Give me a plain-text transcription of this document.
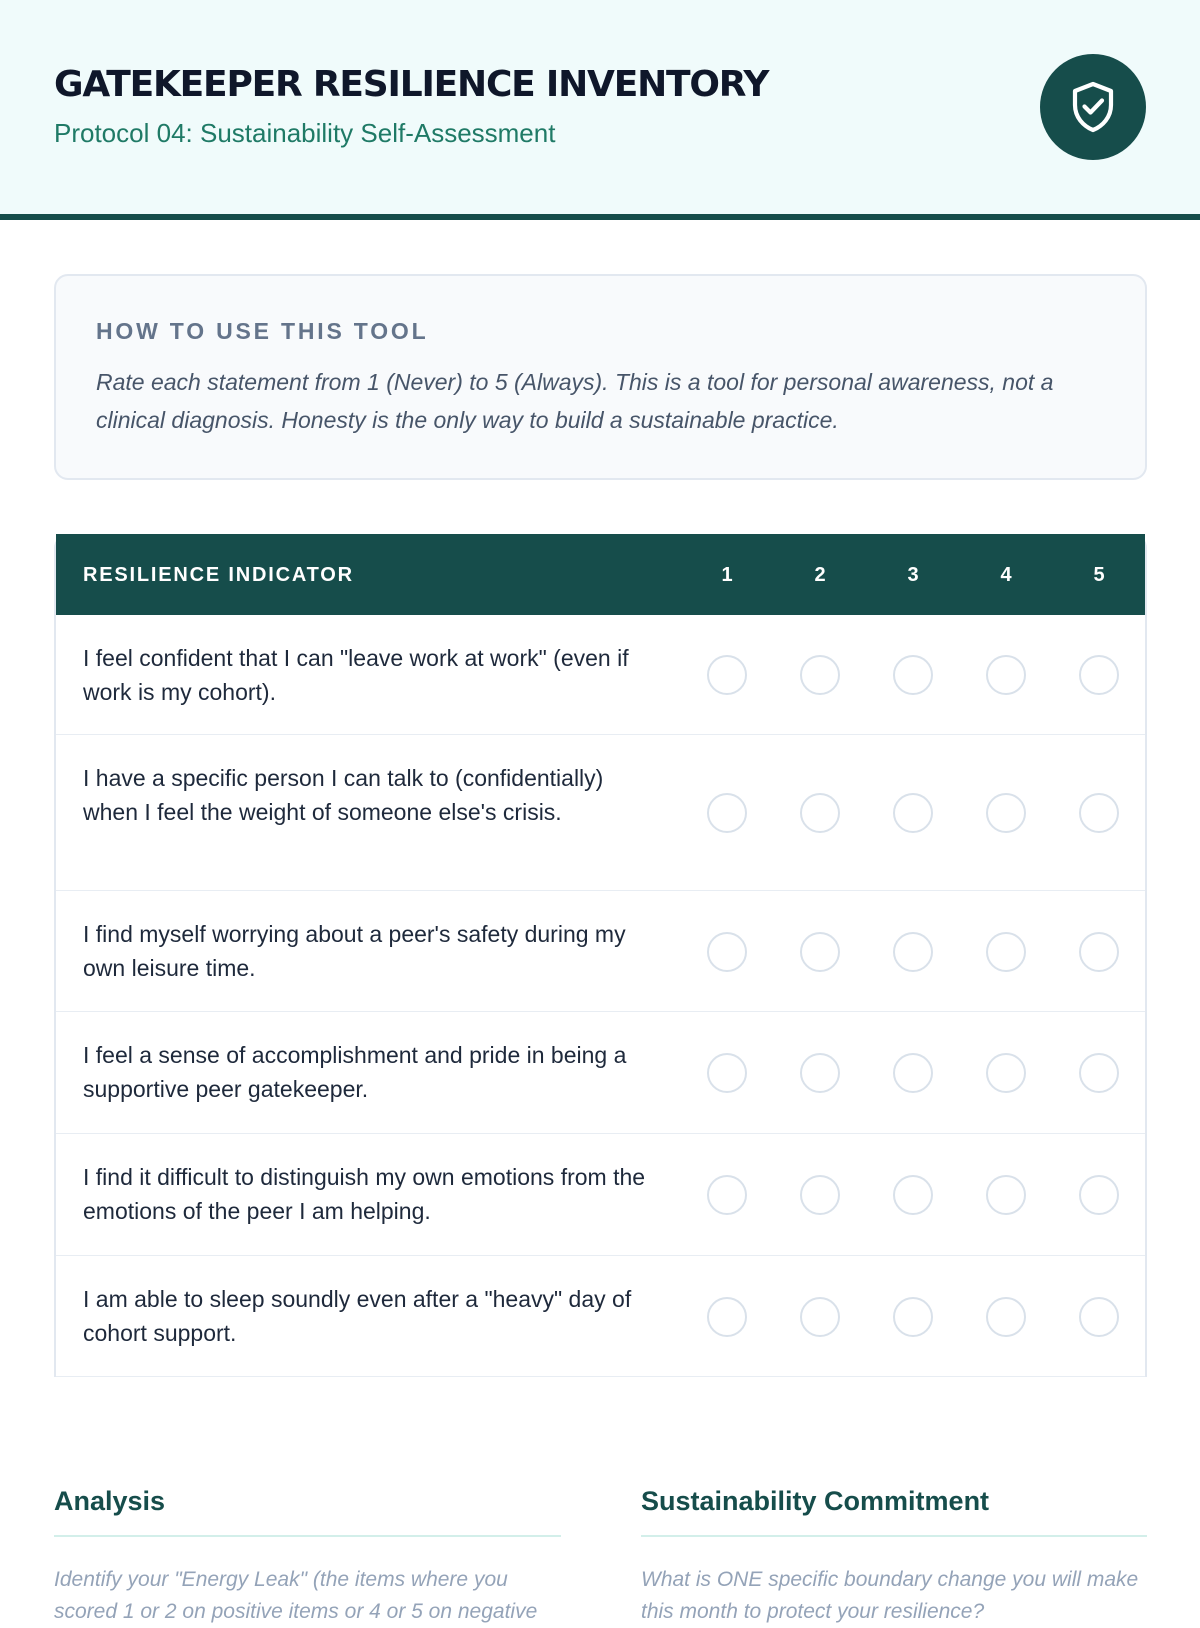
GATEKEEPER RESILIENCE INVENTORY
Protocol 04: Sustainability Self-Assessment
HOW TO USE THIS TOOL
Rate each statement from 1 (Never) to 5 (Always). This is a tool for personal awareness, not a clinical diagnosis. Honesty is the only way to build a sustainable practice.
RESILIENCE INDICATOR	1	2	3	4	5
I feel confident that I can "leave work at work" (even if work is my cohort).
I have a specific person I can talk to (confidentially) when I feel the weight of someone else's crisis.
I find myself worrying about a peer's safety during my own leisure time.
I feel a sense of accomplishment and pride in being a supportive peer gatekeeper.
I find it difficult to distinguish my own emotions from the emotions of the peer I am helping.
I am able to sleep soundly even after a "heavy" day of cohort support.
Analysis
Identify your "Energy Leak" (the items where you scored 1 or 2 on positive items or 4 or 5 on negative
Sustainability Commitment
What is ONE specific boundary change you will make this month to protect your resilience?
